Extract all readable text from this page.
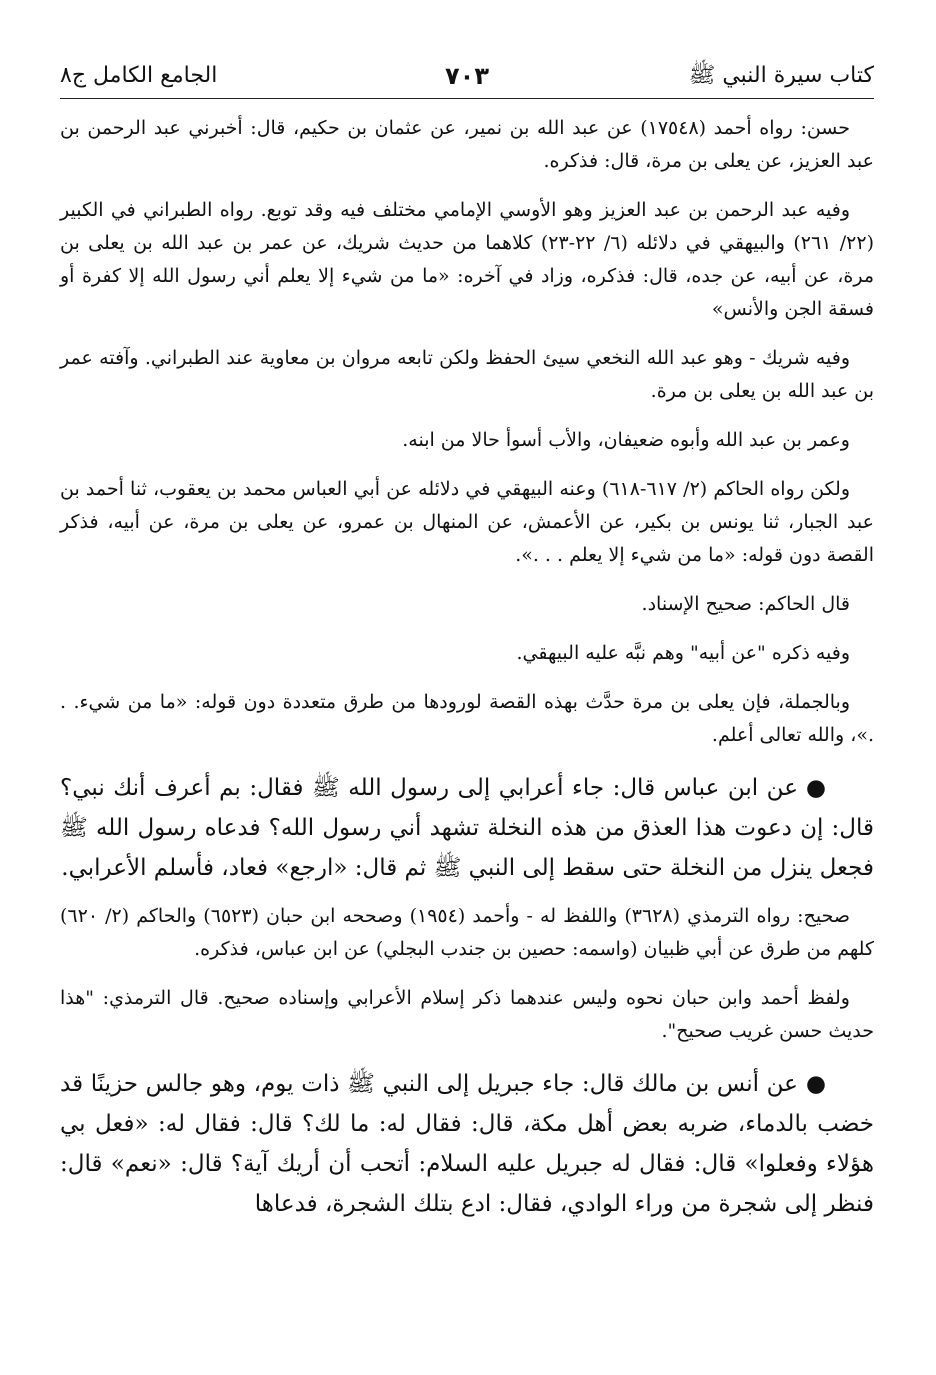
كتاب سيرة النبي ﷺ
٧٠٣
الجامع الكامل ج٨

حسن: رواه أحمد (١٧٥٤٨) عن عبد الله بن نمير، عن عثمان بن حكيم، قال: أخبرني عبد الرحمن بن عبد العزيز، عن يعلى بن مرة، قال: فذكره.

وفيه عبد الرحمن بن عبد العزيز وهو الأوسي الإمامي مختلف فيه وقد توبع. رواه الطبراني في الكبير (٢٢/ ٢٦١) والبيهقي في دلائله (٦/ ٢٢-٢٣) كلاهما من حديث شريك، عن عمر بن عبد الله بن يعلى بن مرة، عن أبيه، عن جده، قال: فذكره، وزاد في آخره: «ما من شيء إلا يعلم أني رسول الله إلا كفرة أو فسقة الجن والأنس»

وفيه شريك - وهو عبد الله النخعي سيئ الحفظ ولكن تابعه مروان بن معاوية عند الطبراني. وآفته عمر بن عبد الله بن يعلى بن مرة.

وعمر بن عبد الله وأبوه ضعيفان، والأب أسوأ حالا من ابنه.

ولكن رواه الحاكم (٢/ ٦١٧-٦١٨) وعنه البيهقي في دلائله عن أبي العباس محمد بن يعقوب، ثنا أحمد بن عبد الجبار، ثنا يونس بن بكير، عن الأعمش، عن المنهال بن عمرو، عن يعلى بن مرة، عن أبيه، فذكر القصة دون قوله: «ما من شيء إلا يعلم . . .».

قال الحاكم: صحيح الإسناد.

وفيه ذكره "عن أبيه" وهم نبَّه عليه البيهقي.

وبالجملة، فإن يعلى بن مرة حدَّث بهذه القصة لورودها من طرق متعددة دون قوله: «ما من شيء. . .»، والله تعالى أعلم.

●عن ابن عباس قال: جاء أعرابي إلى رسول الله ﷺ فقال: بم أعرف أنك نبي؟ قال: إن دعوت هذا العذق من هذه النخلة تشهد أني رسول الله؟ فدعاه رسول الله ﷺ فجعل ينزل من النخلة حتى سقط إلى النبي ﷺ ثم قال: «ارجع» فعاد، فأسلم الأعرابي.

صحيح: رواه الترمذي (٣٦٢٨) واللفظ له - وأحمد (١٩٥٤) وصححه ابن حبان (٦٥٢٣) والحاكم (٢/ ٦٢٠) كلهم من طرق عن أبي ظبيان (واسمه: حصين بن جندب البجلي) عن ابن عباس، فذكره.

ولفظ أحمد وابن حبان نحوه وليس عندهما ذكر إسلام الأعرابي وإسناده صحيح. قال الترمذي: "هذا حديث حسن غريب صحيح".

●عن أنس بن مالك قال: جاء جبريل إلى النبي ﷺ ذات يوم، وهو جالس حزينًا قد خضب بالدماء، ضربه بعض أهل مكة، قال: فقال له: ما لك؟ قال: فقال له: «فعل بي هؤلاء وفعلوا» قال: فقال له جبريل عليه السلام: أتحب أن أريك آية؟ قال: «نعم» قال: فنظر إلى شجرة من وراء الوادي، فقال: ادع بتلك الشجرة، فدعاها
